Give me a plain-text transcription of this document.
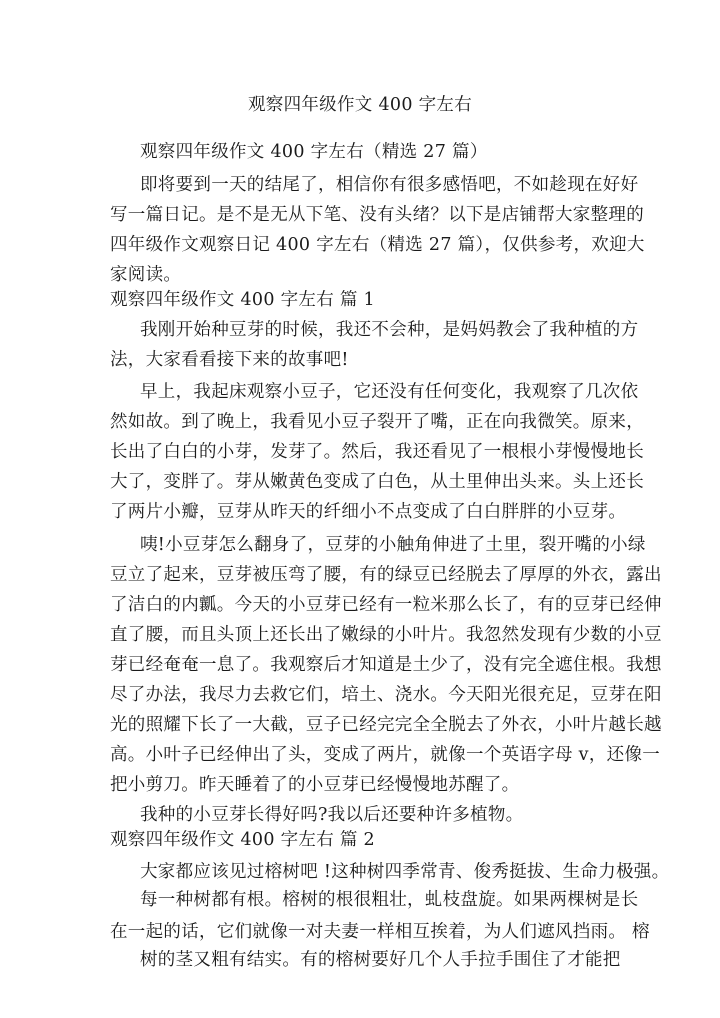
观察四年级作文 400 字左右
观察四年级作文 400 字左右（精选 27 篇）
即将要到一天的结尾了，相信你有很多感悟吧，不如趁现在好好
写一篇日记。是不是无从下笔、没有头绪？以下是店铺帮大家整理的
四年级作文观察日记 400 字左右（精选 27 篇），仅供参考，欢迎大
家阅读。
观察四年级作文 400 字左右 篇 1
我刚开始种豆芽的时候，我还不会种，是妈妈教会了我种植的方
法，大家看看接下来的故事吧!
早上，我起床观察小豆子，它还没有任何变化，我观察了几次依
然如故。到了晚上，我看见小豆子裂开了嘴，正在向我微笑。原来，
长出了白白的小芽，发芽了。然后，我还看见了一根根小芽慢慢地长
大了，变胖了。芽从嫩黄色变成了白色，从土里伸出头来。头上还长
了两片小瓣，豆芽从昨天的纤细小不点变成了白白胖胖的小豆芽。
咦!小豆芽怎么翻身了，豆芽的小触角伸进了土里，裂开嘴的小绿
豆立了起来，豆芽被压弯了腰，有的绿豆已经脱去了厚厚的外衣，露出
了洁白的内瓤。今天的小豆芽已经有一粒米那么长了，有的豆芽已经伸
直了腰，而且头顶上还长出了嫩绿的小叶片。我忽然发现有少数的小豆
芽已经奄奄一息了。我观察后才知道是土少了，没有完全遮住根。我想
尽了办法，我尽力去救它们，培土、浇水。今天阳光很充足，豆芽在阳
光的照耀下长了一大截，豆子已经完完全全脱去了外衣，小叶片越长越
高。小叶子已经伸出了头，变成了两片，就像一个英语字母 v，还像一
把小剪刀。昨天睡着了的小豆芽已经慢慢地苏醒了。
我种的小豆芽长得好吗?我以后还要种许多植物。
观察四年级作文 400 字左右 篇 2
大家都应该见过榕树吧 !这种树四季常青、俊秀挺拔、生命力极强。
每一种树都有根。榕树的根很粗壮，虬枝盘旋。如果两棵树是长
在一起的话，它们就像一对夫妻一样相互挨着，为人们遮风挡雨。 榕
树的茎又粗有结实。有的榕树要好几个人手拉手围住了才能把
